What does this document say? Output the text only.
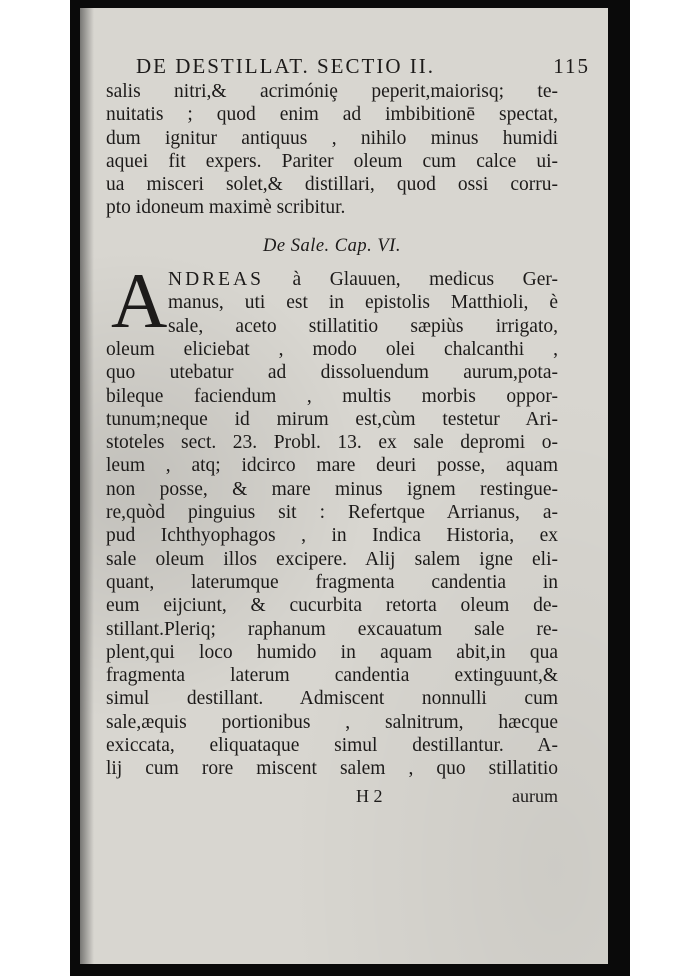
DE DESTILLAT. SECTIO II.	115
salis nitri,& acrimóniȩ peperit,maiorisq; te-
nuitatis ; quod enim ad imbibitionē spectat,
dum ignitur antiquus , nihilo minus humidi
aquei fit expers. Pariter oleum cum calce ui-
ua misceri solet,& distillari, quod ossi corru-
pto idoneum maximè scribitur.
De Sale. Cap. VI.
A NDREAS à Glauuen, medicus Ger-
manus, uti est in epistolis Matthioli, è
sale, aceto stillatitio sæpiùs irrigato,
oleum eliciebat , modo olei chalcanthi ,
quo utebatur ad dissoluendum aurum,pota-
bileque faciendum , multis morbis oppor-
tunum;neque id mirum est,cùm testetur Ari-
stoteles sect. 23. Probl. 13. ex sale depromi o-
leum , atq; idcirco mare deuri posse, aquam
non posse, & mare minus ignem restingue-
re,quòd pinguius sit : Refertque Arrianus, a-
pud Ichthyophagos , in Indica Historia, ex
sale oleum illos excipere. Alij salem igne eli-
quant, laterumque fragmenta candentia in
eum eijciunt, & cucurbita retorta oleum de-
stillant.Pleriq; raphanum excauatum sale re-
plent,qui loco humido in aquam abit,in qua
fragmenta laterum candentia extinguunt,&
simul destillant. Admiscent nonnulli cum
sale,æquis portionibus , salnitrum, hæcque
exiccata, eliquataque simul destillantur. A-
lij cum rore miscent salem , quo stillatitio
H 2	aurum
